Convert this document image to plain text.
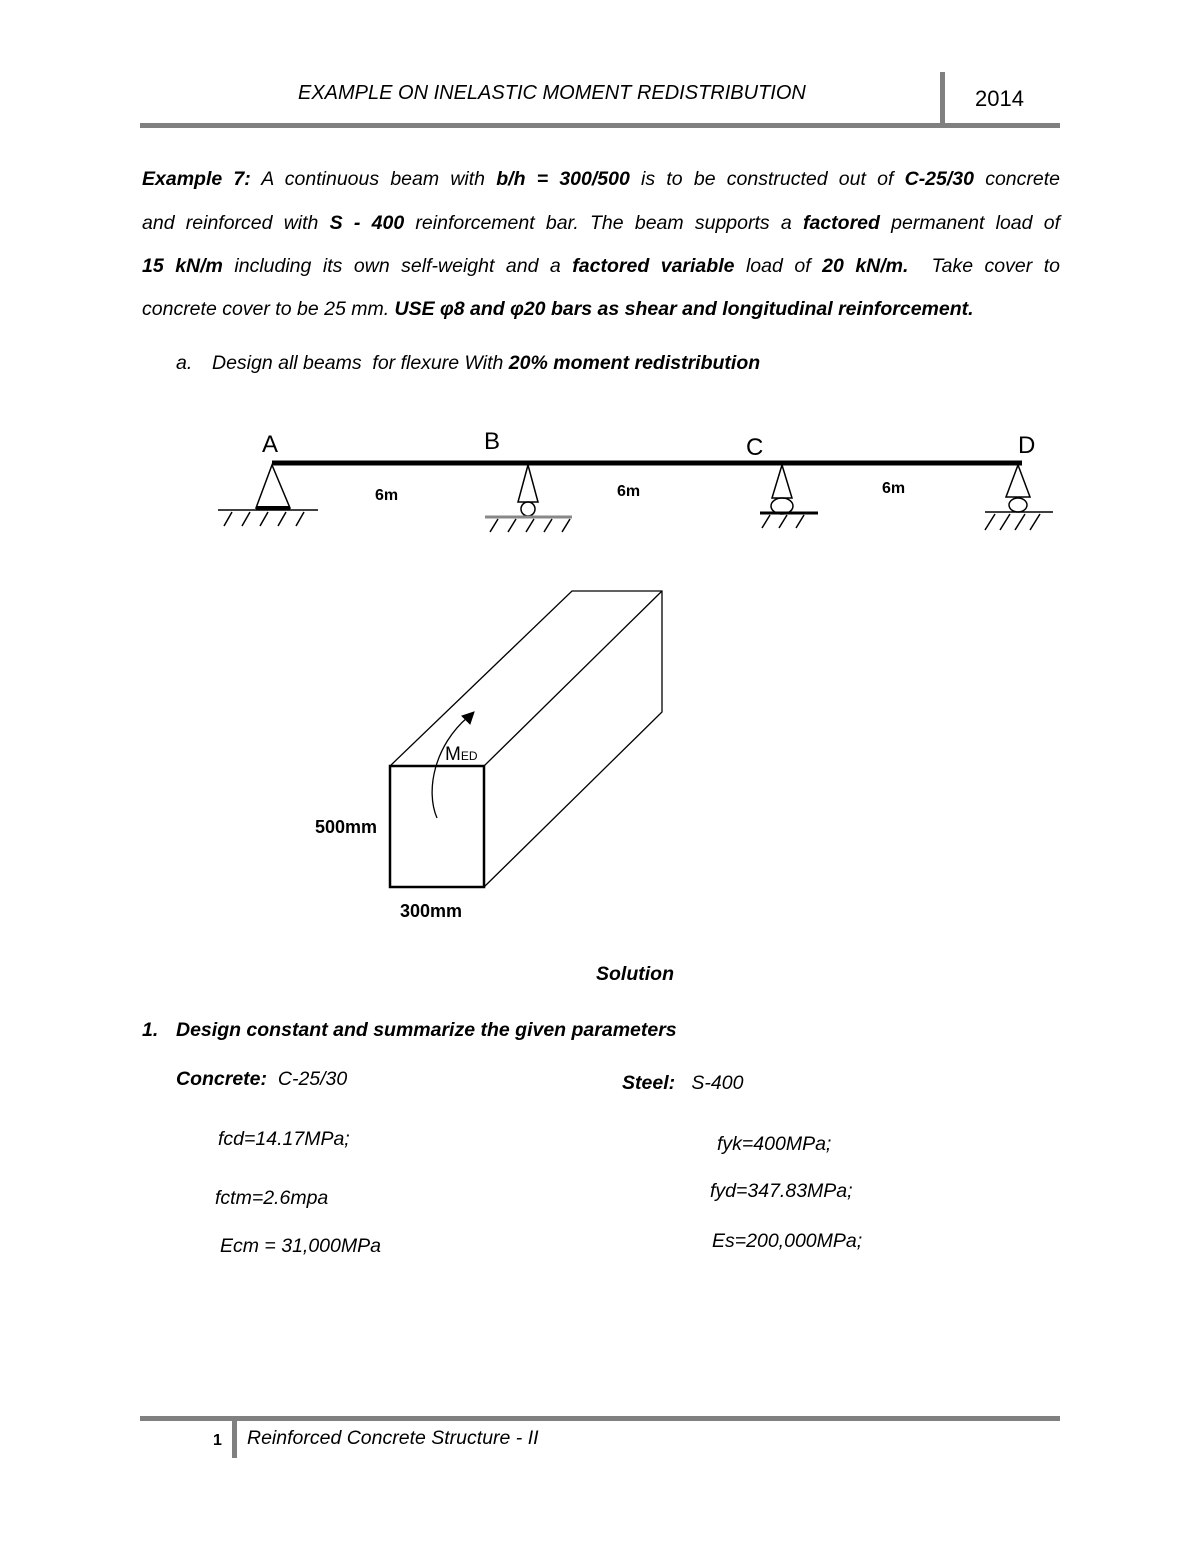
EXAMPLE ON INELASTIC MOMENT REDISTRIBUTION	2014
Example 7: A continuous beam with b/h = 300/500 is to be constructed out of C-25/30 concrete
and reinforced with S - 400 reinforcement bar. The beam supports a factored permanent load of
15 kN/m including its own self-weight and a factored variable load of 20 kN/m.  Take cover to
concrete cover to be 25 mm. USE φ8 and φ20 bars as shear and longitudinal reinforcement.
a. Design all beams  for flexure With 20% moment redistribution
A	B	C	D
6m	6m	6m
MED
500mm
300mm
Solution
1. Design constant and summarize the given parameters
Concrete: C-25/30	Steel: S-400
fcd=14.17MPa;
fctm=2.6mpa
Ecm = 31,000MPa
fyk=400MPa;
fyd=347.83MPa;
Es=200,000MPa;
1 Reinforced Concrete Structure - II
